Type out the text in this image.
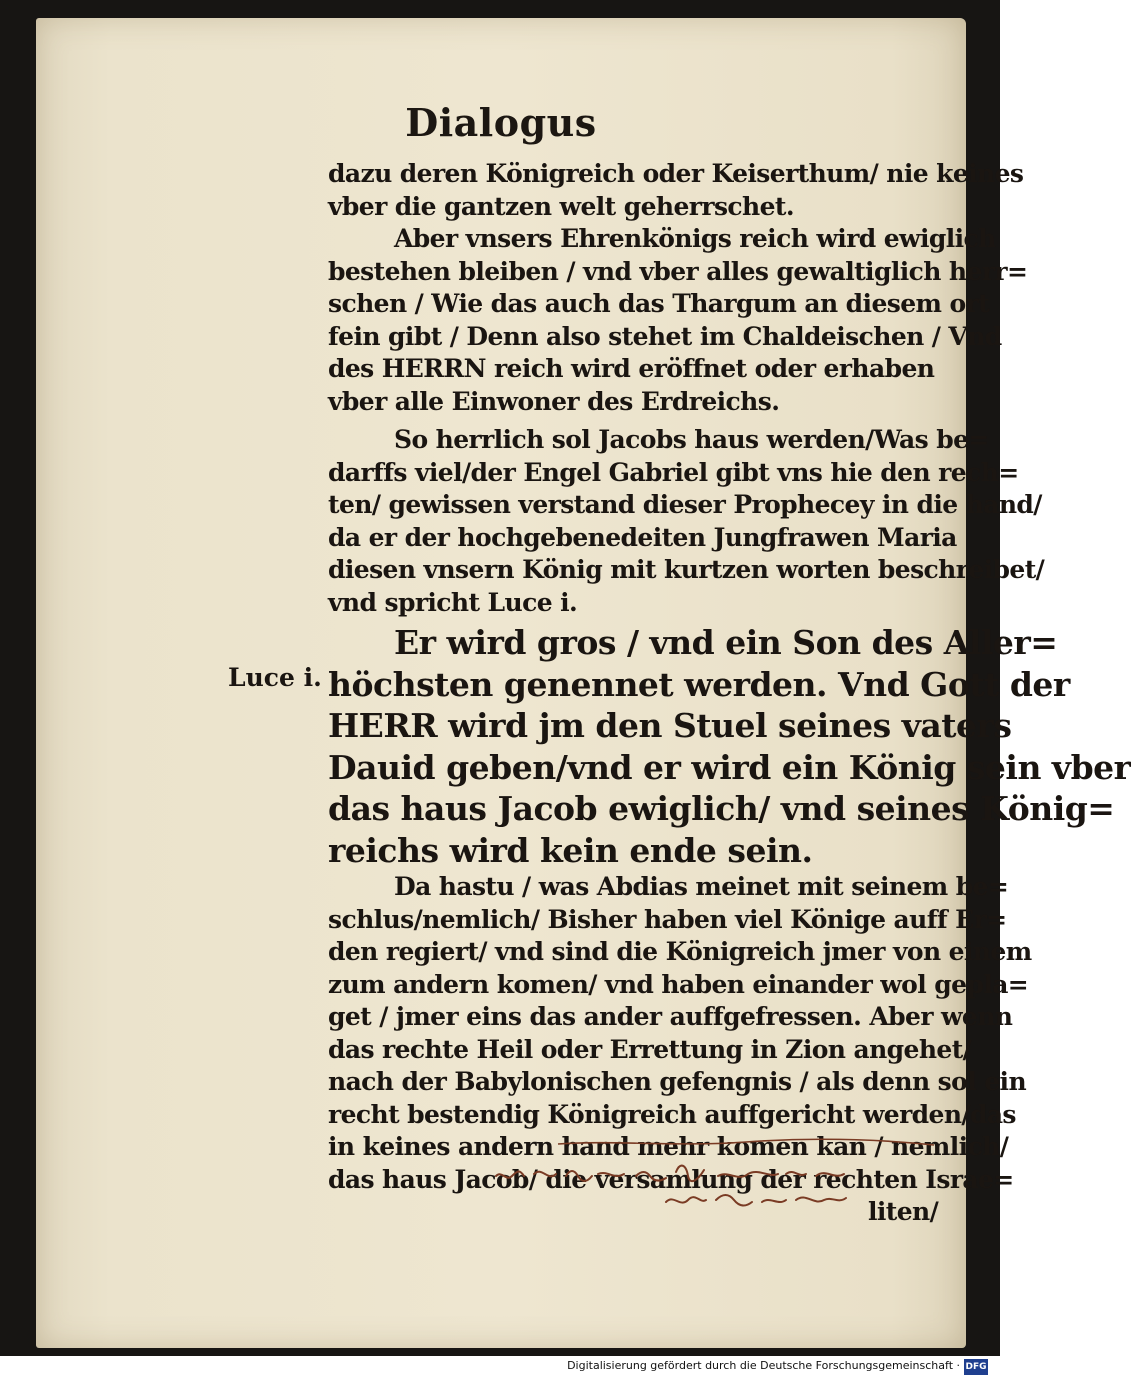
Dialogus
Luce i.
dazu deren Königreich oder Keiserthum/ nie keines
vber die gantzen welt geherrschet.
Aber vnsers Ehrenkönigs reich wird ewiglich
bestehen bleiben / vnd vber alles gewaltiglich herr=
schen / Wie das auch das Thargum an diesem ort
fein gibt / Denn also stehet im Chaldeischen / Vnd
des HERRN reich wird eröffnet oder erhaben
vber alle Einwoner des Erdreichs.
So herrlich sol Jacobs haus werden/Was be=
darffs viel/der Engel Gabriel gibt vns hie den rech=
ten/ gewissen verstand dieser Prophecey in die hand/
da er der hochgebenedeiten Jungfrawen Maria
diesen vnsern König mit kurtzen worten beschreibet/
vnd spricht Luce i.
Er wird gros / vnd ein Son des Aller=
höchsten genennet werden. Vnd Gott der
HERR wird jm den Stuel seines vaters
Dauid geben/vnd er wird ein König sein vber
das haus Jacob ewiglich/ vnd seines König=
reichs wird kein ende sein.
Da hastu / was Abdias meinet mit seinem be=
schlus/nemlich/ Bisher haben viel Könige auff Er=
den regiert/ vnd sind die Königreich jmer von einem
zum andern komen/ vnd haben einander wol gepla=
get / jmer eins das ander auffgefressen. Aber wenn
das rechte Heil oder Errettung in Zion angehet/
nach der Babylonischen gefengnis / als denn sol ein
recht bestendig Königreich auffgericht werden/das
in keines andern hand mehr komen kan / nemlich/
das haus Jacob/ die versamlung der rechten Israe=
liten/
Digitalisierung gefördert durch die Deutsche Forschungsgemeinschaft · DFG
